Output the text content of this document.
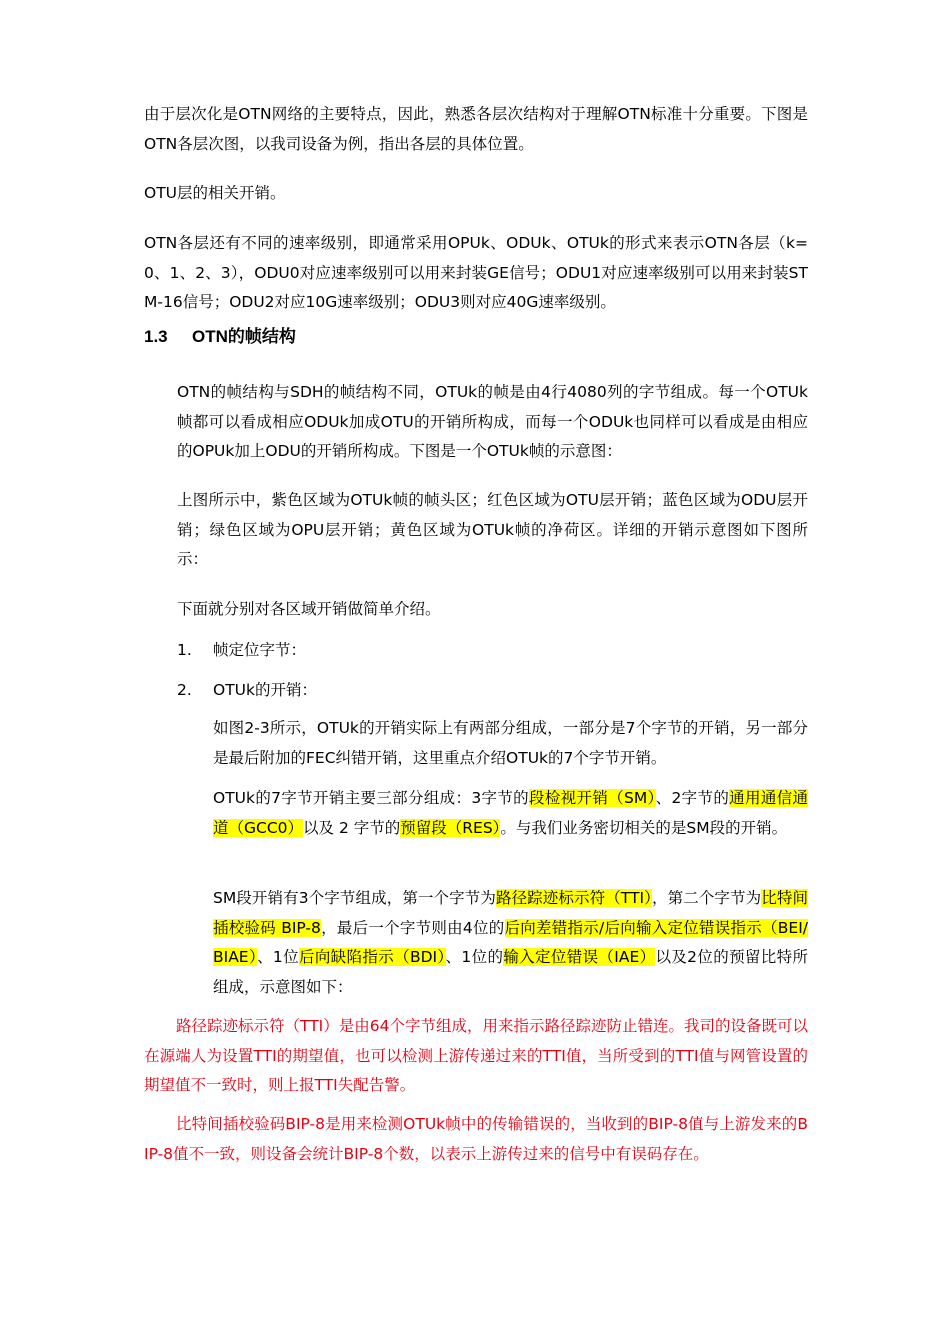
由于层次化是OTN网络的主要特点，因此，熟悉各层次结构对于理解OTN标准十分重要。下图是OTN各层次图，以我司设备为例，指出各层的具体位置。

OTU层的相关开销。

OTN各层还有不同的速率级别，即通常采用OPUk、ODUk、OTUk的形式来表示OTN各层（k=0、1、2、3），ODU0对应速率级别可以用来封装GE信号；ODU1对应速率级别可以用来封装STM-16信号；ODU2对应10G速率级别；ODU3则对应40G速率级别。

1.3 OTN的帧结构

OTN的帧结构与SDH的帧结构不同，OTUk的帧是由4行4080列的字节组成。每一个OTUk帧都可以看成相应ODUk加成OTU的开销所构成，而每一个ODUk也同样可以看成是由相应的OPUk加上ODU的开销所构成。下图是一个OTUk帧的示意图：

上图所示中，紫色区域为OTUk帧的帧头区；红色区域为OTU层开销；蓝色区域为ODU层开销；绿色区域为OPU层开销；黄色区域为OTUk帧的净荷区。详细的开销示意图如下图所示：

下面就分别对各区域开销做简单介绍。

1. 帧定位字节：
2. OTUk的开销：

如图2-3所示，OTUk的开销实际上有两部分组成，一部分是7个字节的开销，另一部分是最后附加的FEC纠错开销，这里重点介绍OTUk的7个字节开销。

OTUk的7字节开销主要三部分组成：3字节的段检视开销（SM）、2字节的通用通信通道（GCC0）以及 2 字节的预留段（RES）。与我们业务密切相关的是SM段的开销。

SM段开销有3个字节组成，第一个字节为路径踪迹标示符（TTI），第二个字节为比特间插校验码 BIP-8，最后一个字节则由4位的后向差错指示/后向输入定位错误指示（BEI/BIAE）、1位后向缺陷指示（BDI）、1位的输入定位错误（IAE）以及2位的预留比特所组成，示意图如下：

路径踪迹标示符（TTI）是由64个字节组成，用来指示路径踪迹防止错连。我司的设备既可以在源端人为设置TTI的期望值，也可以检测上游传递过来的TTI值，当所受到的TTI值与网管设置的期望值不一致时，则上报TTI失配告警。

比特间插校验码BIP-8是用来检测OTUk帧中的传输错误的，当收到的BIP-8值与上游发来的BIP-8值不一致，则设备会统计BIP-8个数，以表示上游传过来的信号中有误码存在。
